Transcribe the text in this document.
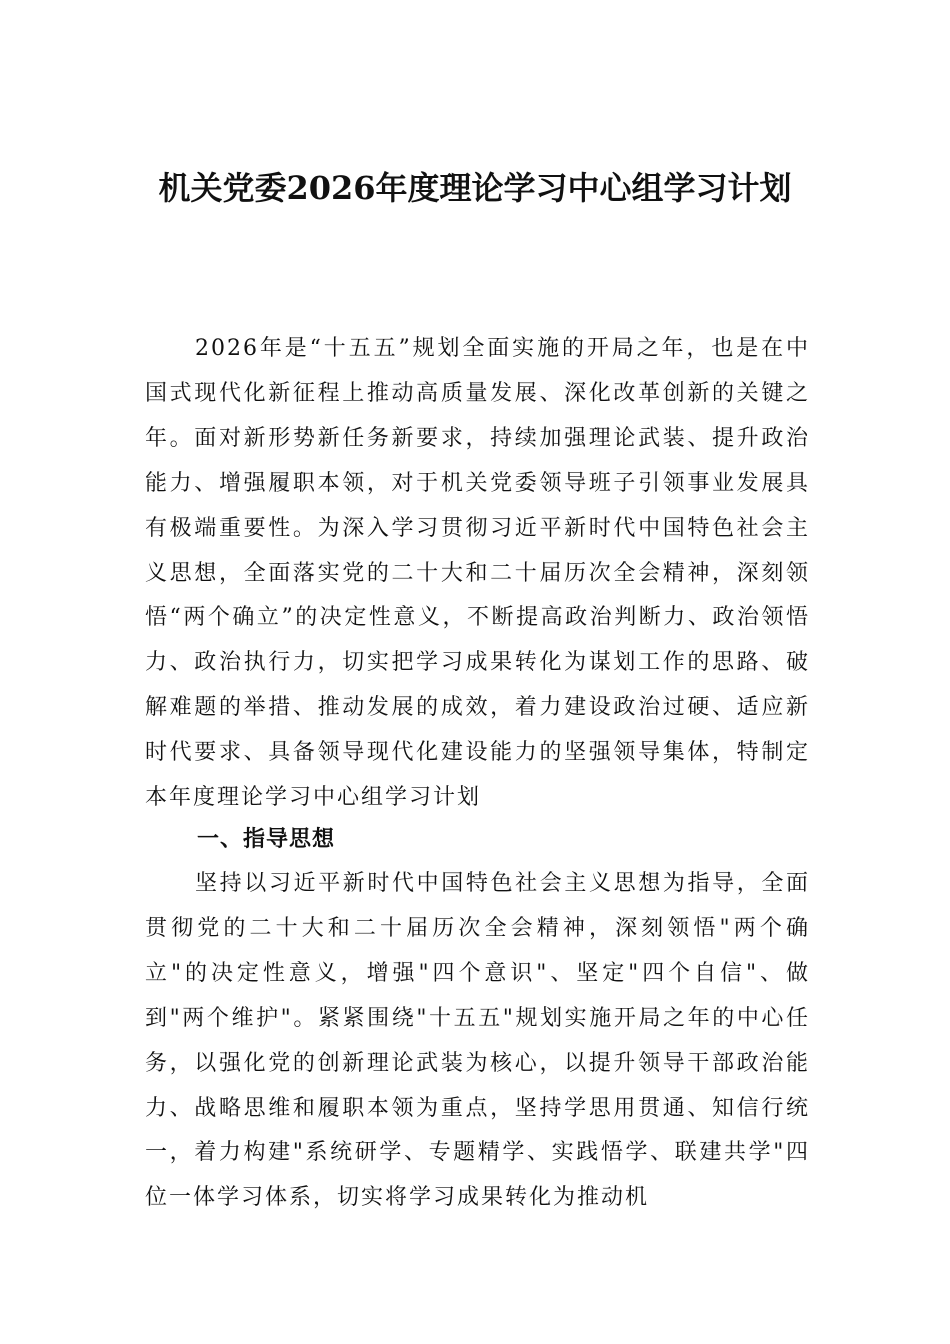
机关党委2026年度理论学习中心组学习计划

2026年是“十五五”规划全面实施的开局之年，也是在中国式现代化新征程上推动高质量发展、深化改革创新的关键之年。面对新形势新任务新要求，持续加强理论武装、提升政治能力、增强履职本领，对于机关党委领导班子引领事业发展具有极端重要性。为深入学习贯彻习近平新时代中国特色社会主义思想，全面落实党的二十大和二十届历次全会精神，深刻领悟“两个确立”的决定性意义，不断提高政治判断力、政治领悟力、政治执行力，切实把学习成果转化为谋划工作的思路、破解难题的举措、推动发展的成效，着力建设政治过硬、适应新时代要求、具备领导现代化建设能力的坚强领导集体，特制定本年度理论学习中心组学习计划

一、指导思想

坚持以习近平新时代中国特色社会主义思想为指导，全面贯彻党的二十大和二十届历次全会精神，深刻领悟"两个确立"的决定性意义，增强"四个意识"、坚定"四个自信"、做到"两个维护"。紧紧围绕"十五五"规划实施开局之年的中心任务，以强化党的创新理论武装为核心，以提升领导干部政治能力、战略思维和履职本领为重点，坚持学思用贯通、知信行统一，着力构建"系统研学、专题精学、实践悟学、联建共学"四位一体学习体系，切实将学习成果转化为推动机
